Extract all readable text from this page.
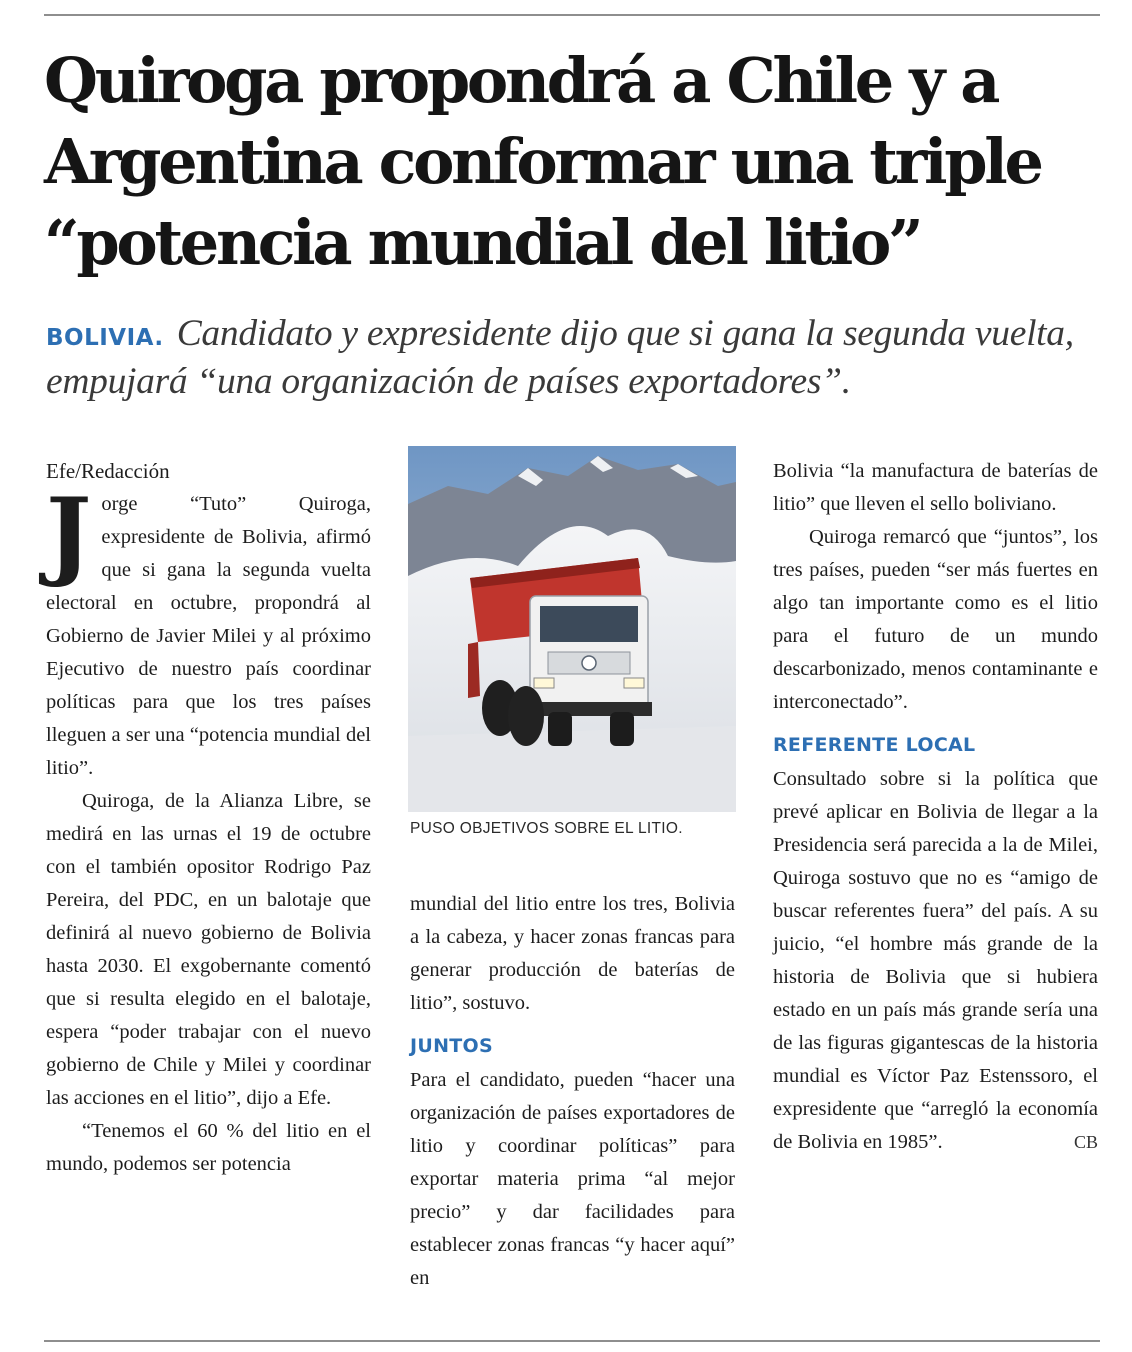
Quiroga propondrá a Chile y a Argentina conformar una triple “potencia mundial del litio”

BOLIVIA. Candidato y expresidente dijo que si gana la segunda vuelta, empujará “una organización de países exportadores”.

Efe/Redacción

Jorge “Tuto” Quiroga, expresidente de Bolivia, afirmó que si gana la segunda vuelta electoral en octubre, propondrá al Gobierno de Javier Milei y al próximo Ejecutivo de nuestro país coordinar políticas para que los tres países lleguen a ser una “potencia mundial del litio”.

Quiroga, de la Alianza Libre, se medirá en las urnas el 19 de octubre con el también opositor Rodrigo Paz Pereira, del PDC, en un balotaje que definirá al nuevo gobierno de Bolivia hasta 2030. El exgobernante comentó que si resulta elegido en el balotaje, espera “poder trabajar con el nuevo gobierno de Chile y Milei y coordinar las acciones en el litio”, dijo a Efe.

“Tenemos el 60 % del litio en el mundo, podemos ser potencia

PUSO OBJETIVOS SOBRE EL LITIO.

mundial del litio entre los tres, Bolivia a la cabeza, y hacer zonas francas para generar producción de baterías de litio”, sostuvo.

JUNTOS

Para el candidato, pueden “hacer una organización de países exportadores de litio y coordinar políticas” para exportar materia prima “al mejor precio” y dar facilidades para establecer zonas francas “y hacer aquí” en

Bolivia “la manufactura de baterías de litio” que lleven el sello boliviano.

Quiroga remarcó que “juntos”, los tres países, pueden “ser más fuertes en algo tan importante como es el litio para el futuro de un mundo descarbonizado, menos contaminante e interconectado”.

REFERENTE LOCAL

Consultado sobre si la política que prevé aplicar en Bolivia de llegar a la Presidencia será parecida a la de Milei, Quiroga sostuvo que no es “amigo de buscar referentes fuera” del país. A su juicio, “el hombre más grande de la historia de Bolivia que si hubiera estado en un país más grande sería una de las figuras gigantescas de la historia mundial es Víctor Paz Estenssoro, el expresidente que “arregló la economía de Bolivia en 1985”.	CB
